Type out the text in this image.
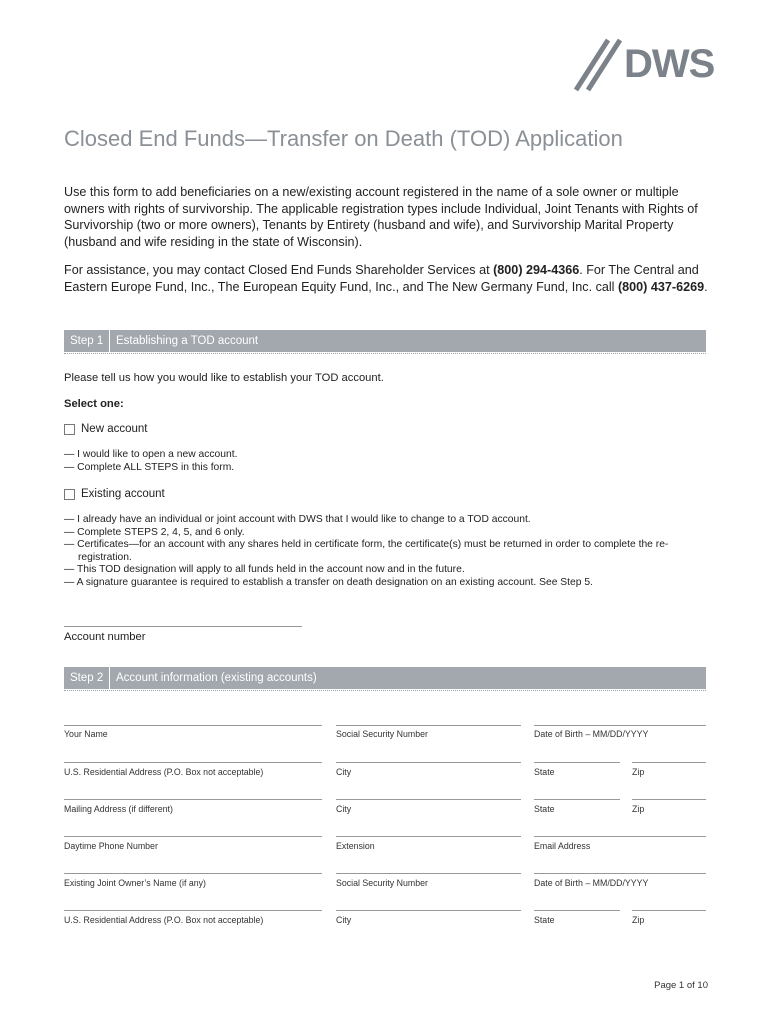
DWS
Closed End Funds—Transfer on Death (TOD) Application

Use this form to add beneficiaries on a new/existing account registered in the name of a sole owner or multiple owners with rights of survivorship. The applicable registration types include Individual, Joint Tenants with Rights of Survivorship (two or more owners), Tenants by Entirety (husband and wife), and Survivorship Marital Property (husband and wife residing in the state of Wisconsin).

For assistance, you may contact Closed End Funds Shareholder Services at (800) 294-4366. For The Central and Eastern Europe Fund, Inc., The European Equity Fund, Inc., and The New Germany Fund, Inc. call (800) 437-6269.

Step 1	Establishing a TOD account
Please tell us how you would like to establish your TOD account.
Select one:
New account
— I would like to open a new account.
— Complete ALL STEPS in this form.
Existing account
— I already have an individual or joint account with DWS that I would like to change to a TOD account.
— Complete STEPS 2, 4, 5, and 6 only.
— Certificates—for an account with any shares held in certificate form, the certificate(s) must be returned in order to complete the re-registration.
— This TOD designation will apply to all funds held in the account now and in the future.
— A signature guarantee is required to establish a transfer on death designation on an existing account. See Step 5.
Account number
Step 2	Account information (existing accounts)
Your Name	Social Security Number	Date of Birth – MM/DD/YYYY
U.S. Residential Address (P.O. Box not acceptable)	City	State	Zip
Mailing Address (if different)	City	State	Zip
Daytime Phone Number	Extension	Email Address
Existing Joint Owner’s Name (if any)	Social Security Number	Date of Birth – MM/DD/YYYY
U.S. Residential Address (P.O. Box not acceptable)	City	State	Zip
Page 1 of 10
